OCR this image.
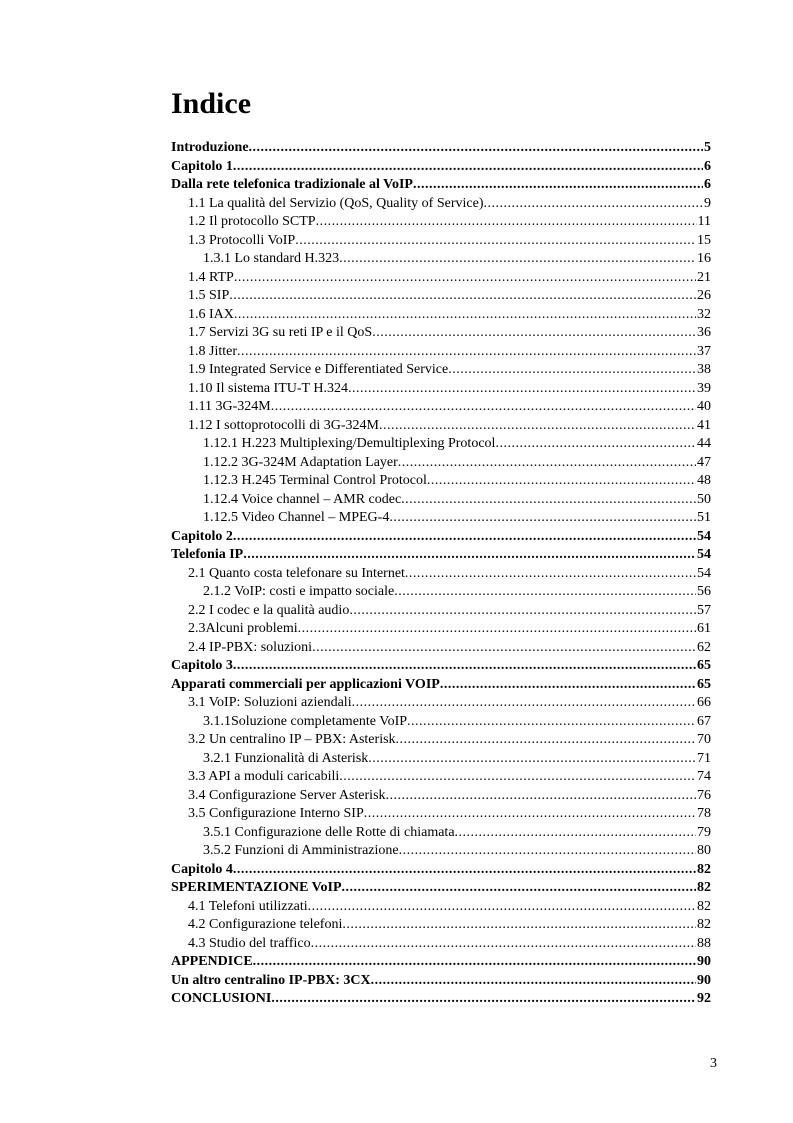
Indice
Introduzione .....	5
Capitolo 1 .....	6
Dalla rete telefonica tradizionale al VoIP .....	6
1.1 La qualità del Servizio (QoS, Quality of Service) .....	9
1.2 Il protocollo SCTP .....	11
1.3 Protocolli VoIP .....	15
1.3.1 Lo standard H.323 .....	16
1.4 RTP .....	21
1.5 SIP .....	26
1.6 IAX .....	32
1.7 Servizi 3G su reti IP e il QoS .....	36
1.8 Jitter .....	37
1.9 Integrated Service e Differentiated Service .....	38
1.10 Il sistema ITU-T H.324 .....	39
1.11 3G-324M .....	40
1.12 I sottoprotocolli di 3G-324M .....	41
1.12.1 H.223 Multiplexing/Demultiplexing Protocol .....	44
1.12.2 3G-324M Adaptation Layer .....	47
1.12.3 H.245 Terminal Control Protocol .....	48
1.12.4 Voice channel – AMR codec .....	50
1.12.5 Video Channel – MPEG-4 .....	51
Capitolo 2 .....	54
Telefonia IP .....	54
2.1 Quanto costa telefonare su Internet .....	54
2.1.2 VoIP: costi e impatto sociale .....	56
2.2 I codec e la qualità audio .....	57
2.3Alcuni problemi .....	61
2.4 IP-PBX: soluzioni .....	62
Capitolo 3 .....	65
Apparati commerciali per applicazioni VOIP .....	65
3.1 VoIP: Soluzioni aziendali .....	66
3.1.1Soluzione completamente VoIP .....	67
3.2 Un centralino IP – PBX: Asterisk .....	70
3.2.1 Funzionalità di Asterisk .....	71
3.3 API a moduli caricabili .....	74
3.4 Configurazione Server Asterisk .....	76
3.5 Configurazione Interno SIP .....	78
3.5.1 Configurazione delle Rotte di chiamata .....	79
3.5.2 Funzioni di Amministrazione .....	80
Capitolo 4 .....	82
SPERIMENTAZIONE VoIP .....	82
4.1 Telefoni utilizzati .....	82
4.2 Configurazione telefoni .....	82
4.3 Studio del traffico .....	88
APPENDICE .....	90
Un altro centralino IP-PBX: 3CX .....	90
CONCLUSIONI .....	92
3
